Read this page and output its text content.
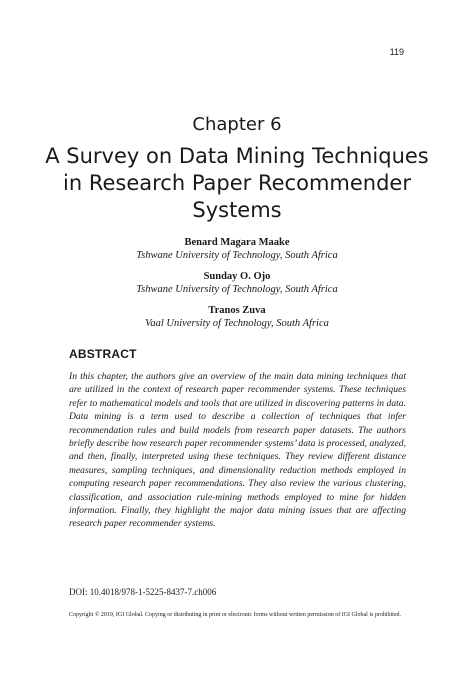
119
Chapter 6
A Survey on Data Mining Techniques in Research Paper Recommender Systems
Benard Magara Maake
Tshwane University of Technology, South Africa
Sunday O. Ojo
Tshwane University of Technology, South Africa
Tranos Zuva
Vaal University of Technology, South Africa
ABSTRACT
In this chapter, the authors give an overview of the main data mining techniques that are utilized in the context of research paper recommender systems. These techniques refer to mathematical models and tools that are utilized in discovering patterns in data. Data mining is a term used to describe a collection of techniques that infer recommendation rules and build models from research paper datasets. The authors briefly describe how research paper recommender systems’ data is processed, analyzed, and then, finally, interpreted using these techniques. They review different distance measures, sampling techniques, and dimensionality reduction methods employed in computing research paper recommendations. They also review the various clustering, classification, and association rule-mining methods employed to mine for hidden information. Finally, they highlight the major data mining issues that are affecting research paper recommender systems.
DOI: 10.4018/978-1-5225-8437-7.ch006
Copyright © 2019, IGI Global. Copying or distributing in print or electronic forms without written permission of IGI Global is prohibited.
